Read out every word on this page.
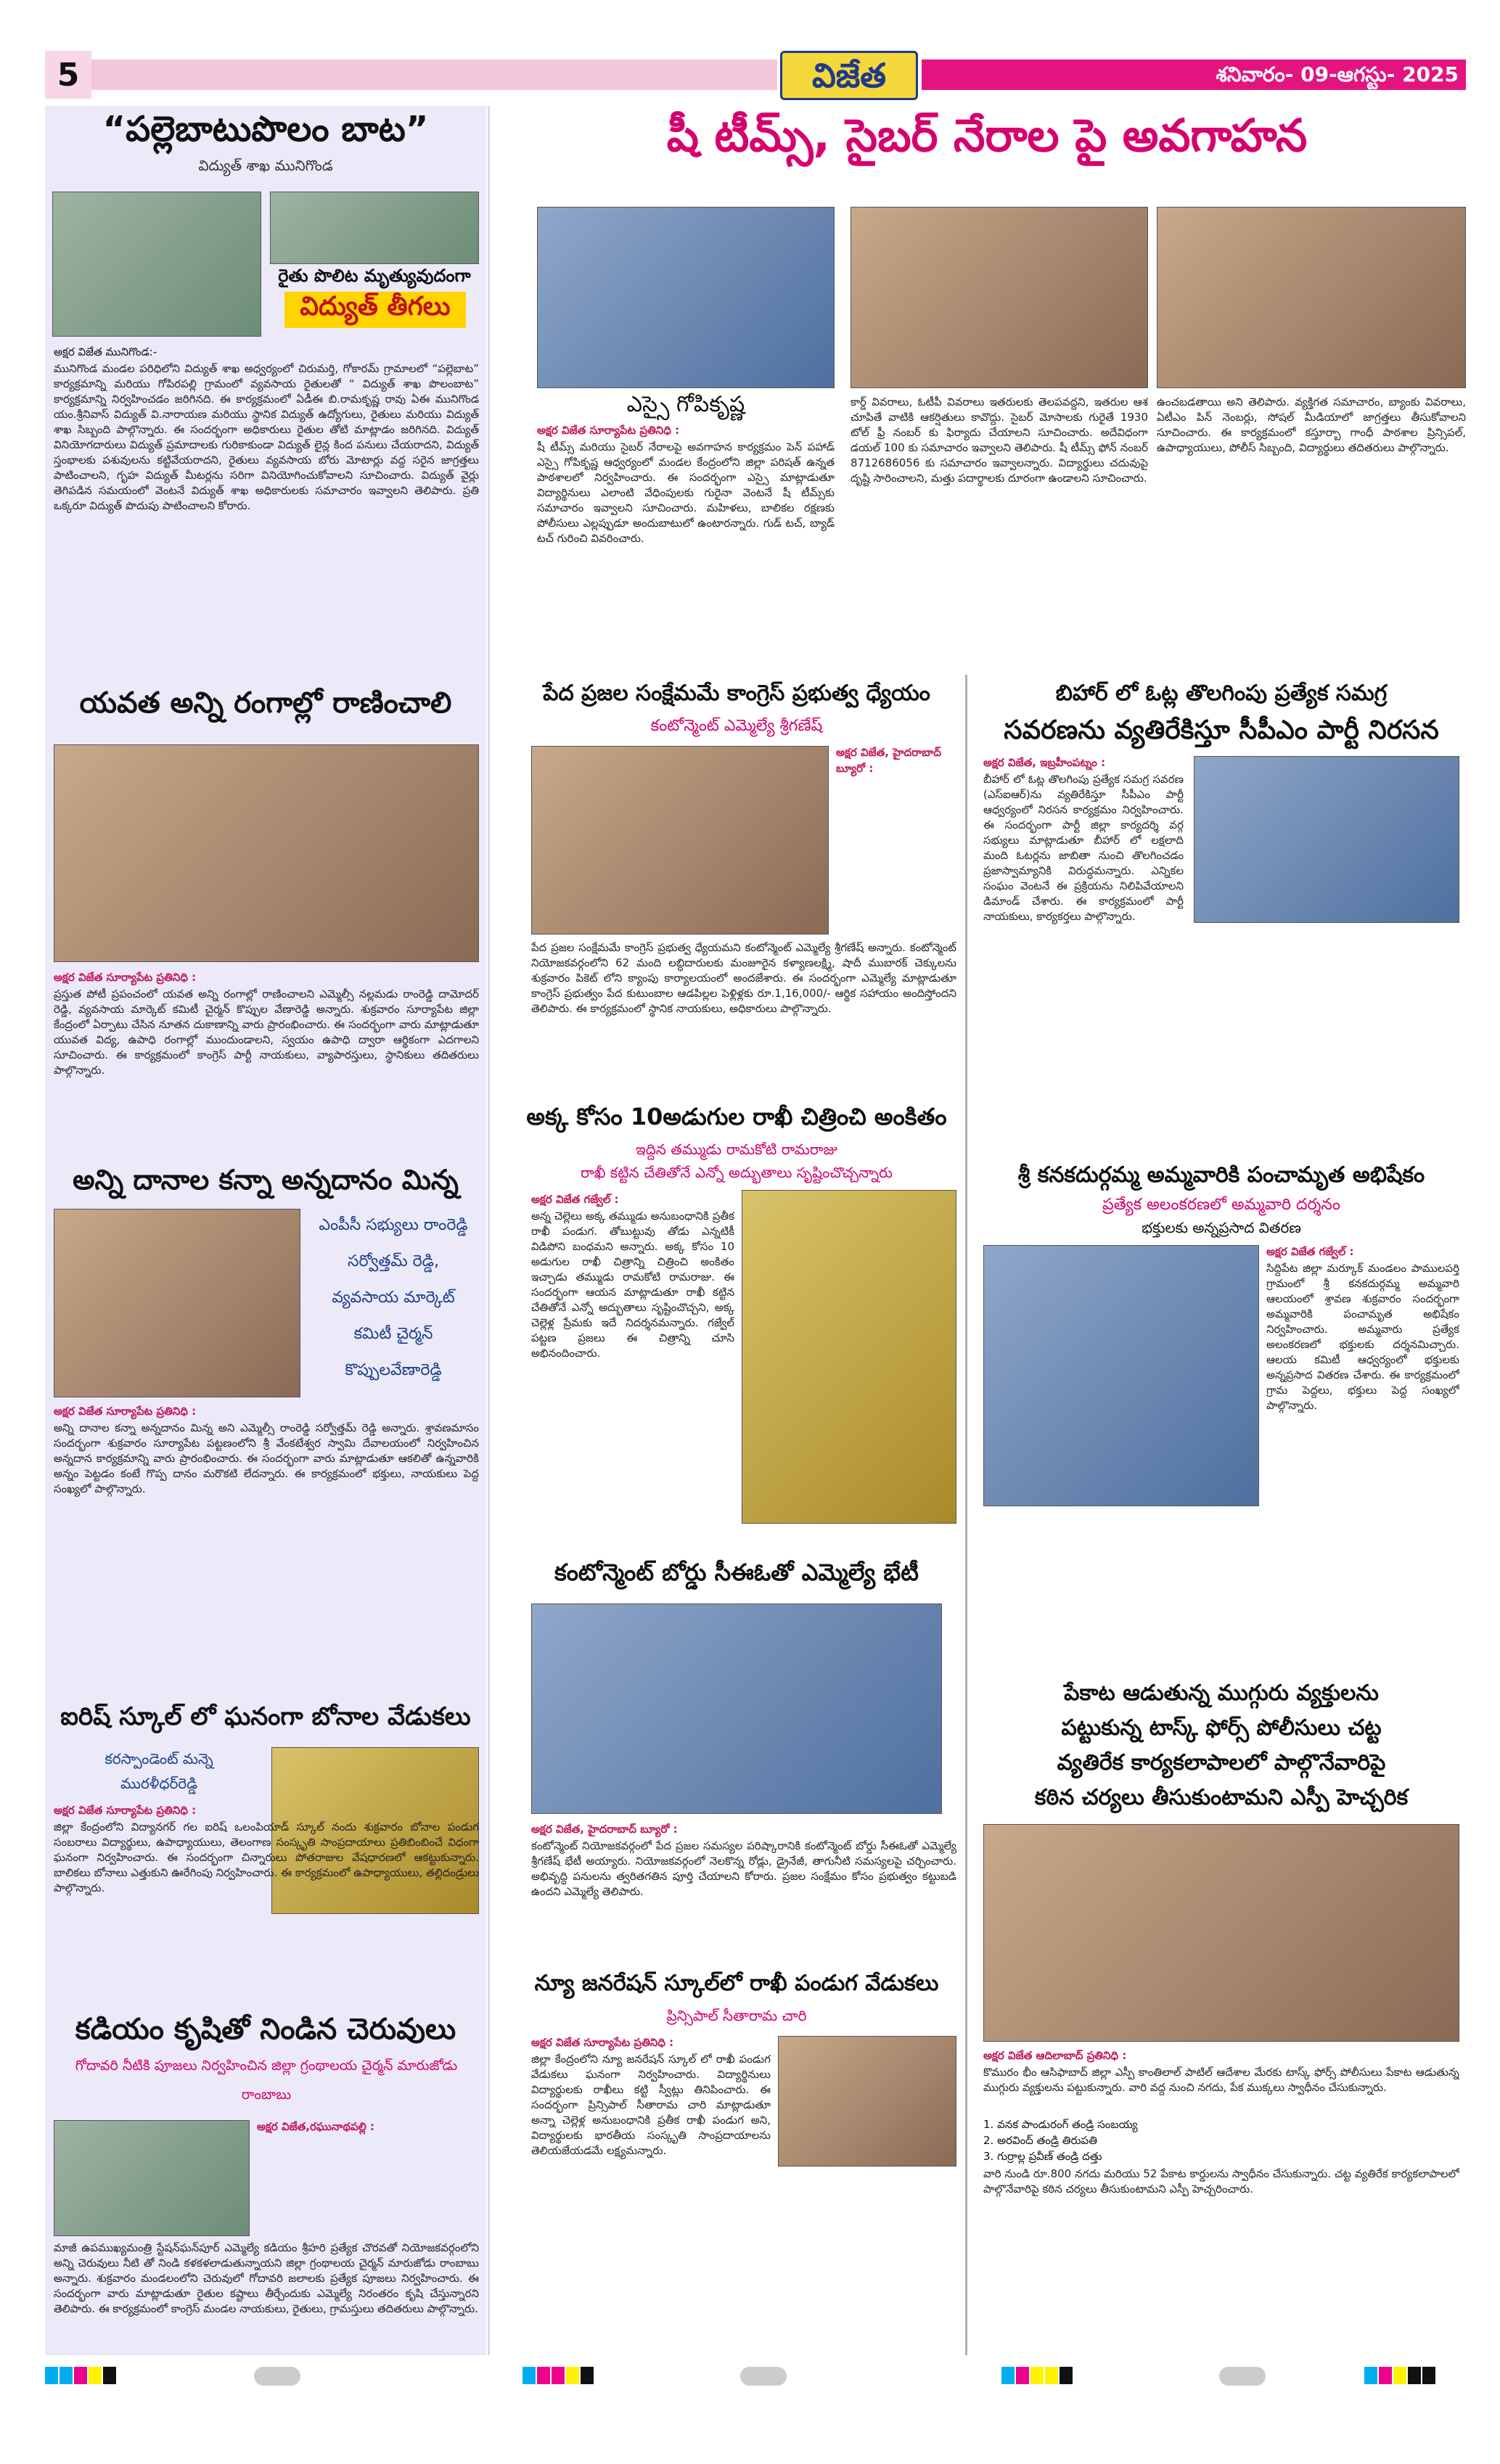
5	విజేత	శనివారం- 09-ఆగస్టు- 2025
“పల్లెబాటుపొలం బాట”
విద్యుత్ శాఖ మునిగొండ
రైతు పొలిట మృత్యువుదంగా
విద్యుత్ తీగలు
అక్షర విజేత మునిగొండ:-
మునిగొండ మండల పరిధిలోని విద్యుత్ శాఖ అధ్వర్యంలో చిరుమర్తి, గోకారమ్ గ్రామాలలో “పల్లెబాట” కార్యక్రమాన్ని మరియు గోపిరపల్లి గ్రామంలో వ్యవసాయ రైతులతో “ విద్యుత్ శాఖ పొలంబాట” కార్యక్రమాన్ని నిర్వహించడం జరిగినది. ఈ కార్యక్రమంలో ఏడీఈ బి.రామకృష్ణ రావు ఏఈ మునిగొండ యం.శ్రీనివాస్ విద్యుత్ వి.నారాయణ మరియు స్థానిక విద్యుత్ ఉద్యోగులు, రైతులు మరియు విద్యుత్ శాఖ సిబ్బంది పాల్గొన్నారు. ఈ సందర్భంగా అధికారులు రైతుల తోటి మాట్లాడం జరిగినది. విద్యుత్ వినియోగదారులు విద్యుత్ ప్రమాదాలకు గురికాకుండా విద్యుత్ లైన్ల కింద పనులు చేయరాదని, విద్యుత్ స్తంభాలకు పశువులను కట్టివేయరాదని, రైతులు వ్యవసాయ బోరు మోటార్లు వద్ద సరైన జాగ్రత్తలు పాటించాలని, గృహ విద్యుత్ మీటర్లను సరిగా వినియోగించుకోవాలని సూచించారు. విద్యుత్ వైర్లు తెగిపడిన సమయంలో వెంటనే విద్యుత్ శాఖ అధికారులకు సమాచారం ఇవ్వాలని తెలిపారు. ప్రతి ఒక్కరూ విద్యుత్ పొదుపు పాటించాలని కోరారు.
యవత అన్ని రంగాల్లో రాణించాలి
అక్షర విజేత సూర్యాపేట ప్రతినిధి :
ప్రస్తుత పోటీ ప్రపంచంలో యవత అన్ని రంగాల్లో రాణించాలని ఎమ్మెల్సీ నల్లమడు రాంరెడ్డి దామోదర్ రెడ్డి, వ్యవసాయ మార్కెట్ కమిటీ చైర్మన్ కొప్పుల వేణారెడ్డి అన్నారు. శుక్రవారం సూర్యాపేట జిల్లా కేంద్రంలో ఏర్పాటు చేసిన నూతన దుకాణాన్ని వారు ప్రారంభించారు. ఈ సందర్భంగా వారు మాట్లాడుతూ యువత విద్య, ఉపాధి రంగాల్లో ముందుండాలని, స్వయం ఉపాధి ద్వారా ఆర్థికంగా ఎదగాలని సూచించారు. ఈ కార్యక్రమంలో కాంగ్రెస్ పార్టీ నాయకులు, వ్యాపారస్తులు, స్థానికులు తదితరులు పాల్గొన్నారు.
అన్ని దానాల కన్నా అన్నదానం మిన్న
ఎంపీసీ సభ్యులు రాంరెడ్డి
సర్వోత్తమ్ రెడ్డి,
వ్యవసాయ మార్కెట్
కమిటీ చైర్మన్
కొప్పులవేణారెడ్డి
అక్షర విజేత సూర్యాపేట ప్రతినిధి :
అన్ని దానాల కన్నా అన్నదానం మిన్న అని ఎమ్మెల్సీ రాంరెడ్డి సర్వోత్తమ్ రెడ్డి అన్నారు. శ్రావణమాసం సందర్భంగా శుక్రవారం సూర్యాపేట పట్టణంలోని శ్రీ వేంకటేశ్వర స్వామి దేవాలయంలో నిర్వహించిన అన్నదాన కార్యక్రమాన్ని వారు ప్రారంభించారు. ఈ సందర్భంగా వారు మాట్లాడుతూ ఆకలితో ఉన్నవారికి అన్నం పెట్టడం కంటే గొప్ప దానం మరొకటి లేదన్నారు. ఈ కార్యక్రమంలో భక్తులు, నాయకులు పెద్ద సంఖ్యలో పాల్గొన్నారు.
ఐరిష్ స్కూల్ లో ఘనంగా బోనాల వేడుకలు
కరస్పాండెంట్ మన్నె
మురళీధర్‌రెడ్డి
అక్షర విజేత సూర్యాపేట ప్రతినిధి :
జిల్లా కేంద్రంలోని విద్యానగర్ గల ఐరిష్ ఒలంపియాడ్ స్కూల్ నందు శుక్రవారం బోనాల పండుగ సంబరాలు విద్యార్థులు, ఉపాధ్యాయులు, తెలంగాణ సంస్కృతి సాంప్రదాయాలు ప్రతిబింబించే విధంగా ఘనంగా నిర్వహించారు. ఈ సందర్భంగా చిన్నారులు పోతరాజుల వేషధారణలో ఆకట్టుకున్నారు. బాలికలు బోనాలు ఎత్తుకుని ఊరేగింపు నిర్వహించారు. ఈ కార్యక్రమంలో ఉపాధ్యాయులు, తల్లిదండ్రులు పాల్గొన్నారు.
కడియం కృషితో నిండిన చెరువులు
గోదావరి నీటికి పూజలు నిర్వహించిన జిల్లా గ్రంథాలయ చైర్మన్ మారుజోడు
రాంబాబు
అక్షర విజేత,రఘునాథపల్లి :
మాజీ ఉపముఖ్యమంత్రి స్టేషన్‌ఘన్‌పూర్ ఎమ్మెల్యే కడియం శ్రీహరి ప్రత్యేక చొరవతో నియోజకవర్గంలోని అన్ని చెరువులు నీటి తో నిండి కళకళలాడుతున్నాయని జిల్లా గ్రంథాలయ చైర్మన్ మారుజోడు రాంబాబు అన్నారు. శుక్రవారం మండలంలోని చెరువులో గోదావరి జలాలకు ప్రత్యేక పూజలు నిర్వహించారు. ఈ సందర్భంగా వారు మాట్లాడుతూ రైతుల కష్టాలు తీర్చేందుకు ఎమ్మెల్యే నిరంతరం కృషి చేస్తున్నారని తెలిపారు. ఈ కార్యక్రమంలో కాంగ్రెస్ మండల నాయకులు, రైతులు, గ్రామస్తులు తదితరులు పాల్గొన్నారు.
షీ టీమ్స్, సైబర్ నేరాల పై అవగాహన
ఎస్సై గోపికృష్ణ
అక్షర విజేత సూర్యాపేట ప్రతినిధి :
షీ టీమ్స్ మరియు సైబర్ నేరాలపై అవగాహన కార్యక్రమం పెన్ పహాడ్ ఎస్సై గోపికృష్ణ ఆధ్వర్యంలో మండల కేంద్రంలోని జిల్లా పరిషత్ ఉన్నత పాఠశాలలో నిర్వహించారు. ఈ సందర్భంగా ఎస్సై మాట్లాడుతూ విద్యార్థినులు ఎలాంటి వేధింపులకు గురైనా వెంటనే షీ టీమ్స్‌కు సమాచారం ఇవ్వాలని సూచించారు. మహిళలు, బాలికల రక్షణకు పోలీసులు ఎల్లప్పుడూ అందుబాటులో ఉంటారన్నారు. గుడ్ టచ్, బ్యాడ్ టచ్ గురించి వివరించారు.
కార్డ్ వివరాలు, ఓటీపీ వివరాలు ఇతరులకు తెలపవద్దని, ఇతరుల ఆశ చూపితే వాటికి ఆకర్షితులు కావొద్దు. సైబర్ మోసాలకు గురైతే 1930 టోల్ ఫ్రీ నంబర్ కు ఫిర్యాదు చేయాలని సూచించారు. అదేవిధంగా డయల్ 100 కు సమాచారం ఇవ్వాలని తెలిపారు. షీ టీమ్స్ ఫోన్ నంబర్ 8712686056 కు సమాచారం ఇవ్వాలన్నారు. విద్యార్థులు చదువుపై దృష్టి సారించాలని, మత్తు పదార్థాలకు దూరంగా ఉండాలని సూచించారు.
ఉంచబడతాయి అని తెలిపారు. వ్యక్తిగత సమాచారం, బ్యాంకు వివరాలు, ఏటీఎం పిన్ నెంబర్లు, సోషల్ మీడియాలో జాగ్రత్తలు తీసుకోవాలని సూచించారు. ఈ కార్యక్రమంలో కస్తూర్బా గాంధీ పాఠశాల ప్రిన్సిపల్, ఉపాధ్యాయులు, పోలీస్ సిబ్బంది, విద్యార్థులు తదితరులు పాల్గొన్నారు.
పేద ప్రజల సంక్షేమమే కాంగ్రెస్ ప్రభుత్వ ధ్యేయం
కంటోన్మెంట్ ఎమ్మెల్యే శ్రీగణేష్
అక్షర విజేత, హైదరాబాద్ బ్యూరో :
పేద ప్రజల సంక్షేమమే కాంగ్రెస్ ప్రభుత్వ ధ్యేయమని కంటోన్మెంట్ ఎమ్మెల్యే శ్రీగణేష్ అన్నారు. కంటోన్మెంట్ నియోజకవర్గంలోని 62 మంది లబ్ధిదారులకు మంజూరైన కళ్యాణలక్ష్మి, షాదీ ముబారక్ చెక్కులను శుక్రవారం పికెట్ లోని క్యాంపు కార్యాలయంలో అందజేశారు. ఈ సందర్భంగా ఎమ్మెల్యే మాట్లాడుతూ కాంగ్రెస్ ప్రభుత్వం పేద కుటుంబాల ఆడపిల్లల పెళ్లిళ్లకు రూ.1,16,000/- ఆర్థిక సహాయం అందిస్తోందని తెలిపారు. ఈ కార్యక్రమంలో స్థానిక నాయకులు, అధికారులు పాల్గొన్నారు.
అక్క కోసం 10అడుగుల రాఖీ చిత్రించి అంకితం
ఇద్దిన తమ్ముడు రామకోటి రామరాజు
రాఖీ కట్టిన చేతితోనే ఎన్నో అద్భుతాలు సృష్టించొచ్చన్నారు
అక్షర విజేత గజ్వేల్ :
అన్న చెల్లెలు అక్క తమ్ముడు అనుబంధానికి ప్రతీక రాఖీ పండుగ. తోబుట్టువు తోడు ఎన్నటికీ విడిపోని బంధమని అన్నారు. అక్క కోసం 10 అడుగుల రాఖీ చిత్రాన్ని చిత్రించి అంకితం ఇచ్చాడు తమ్ముడు రామకోటి రామరాజు. ఈ సందర్భంగా ఆయన మాట్లాడుతూ రాఖీ కట్టిన చేతితోనే ఎన్నో అద్భుతాలు సృష్టించొచ్చని, అక్క చెల్లెళ్ల ప్రేమకు ఇదే నిదర్శనమన్నారు. గజ్వేల్ పట్టణ ప్రజలు ఈ చిత్రాన్ని చూసి అభినందించారు.
కంటోన్మెంట్ బోర్డు సీఈఓతో ఎమ్మెల్యే భేటీ
అక్షర విజేత, హైదరాబాద్ బ్యూరో :
కంటోన్మెంట్ నియోజకవర్గంలో పేద ప్రజల సమస్యల పరిష్కారానికి కంటోన్మెంట్ బోర్డు సీఈఓతో ఎమ్మెల్యే శ్రీగణేష్ భేటీ అయ్యారు. నియోజకవర్గంలో నెలకొన్న రోడ్లు, డ్రైనేజీ, తాగునీటి సమస్యలపై చర్చించారు. అభివృద్ధి పనులను త్వరితగతిన పూర్తి చేయాలని కోరారు. ప్రజల సంక్షేమం కోసం ప్రభుత్వం కట్టుబడి ఉందని ఎమ్మెల్యే తెలిపారు.
న్యూ జనరేషన్ స్కూల్‌లో రాఖీ పండుగ వేడుకలు
ప్రిన్సిపాల్ సీతారామ చారి
అక్షర విజేత సూర్యాపేట ప్రతినిధి :
జిల్లా కేంద్రంలోని న్యూ జనరేషన్ స్కూల్ లో రాఖీ పండుగ వేడుకలు ఘనంగా నిర్వహించారు. విద్యార్థినులు విద్యార్థులకు రాఖీలు కట్టి స్వీట్లు తినిపించారు. ఈ సందర్భంగా ప్రిన్సిపాల్ సీతారామ చారి మాట్లాడుతూ అన్నా చెల్లెళ్ల అనుబంధానికి ప్రతీక రాఖీ పండుగ అని, విద్యార్థులకు భారతీయ సంస్కృతి సాంప్రదాయాలను తెలియజేయడమే లక్ష్యమన్నారు.
బిహార్ లో ఓట్ల తొలగింపు ప్రత్యేక సమగ్ర
సవరణను వ్యతిరేకిస్తూ సీపీఎం పార్టీ నిరసన
అక్షర విజేత, ఇబ్రహీంపట్నం :
బీహార్ లో ఓట్ల తొలగింపు ప్రత్యేక సమగ్ర సవరణ (ఎస్ఐఆర్)ను వ్యతిరేకిస్తూ సీపీఎం పార్టీ ఆధ్వర్యంలో నిరసన కార్యక్రమం నిర్వహించారు. ఈ సందర్భంగా పార్టీ జిల్లా కార్యదర్శి వర్గ సభ్యులు మాట్లాడుతూ బీహార్ లో లక్షలాది మంది ఓటర్లను జాబితా నుంచి తొలగించడం ప్రజాస్వామ్యానికి విరుద్ధమన్నారు. ఎన్నికల సంఘం వెంటనే ఈ ప్రక్రియను నిలిపివేయాలని డిమాండ్ చేశారు. ఈ కార్యక్రమంలో పార్టీ నాయకులు, కార్యకర్తలు పాల్గొన్నారు.
శ్రీ కనకదుర్గమ్మ అమ్మవారికి పంచామృత అభిషేకం
ప్రత్యేక అలంకరణలో అమ్మవారి దర్శనం
భక్తులకు అన్నప్రసాద వితరణ
అక్షర విజేత గజ్వేల్ :
సిద్దిపేట జిల్లా మర్కూక్ మండలం పాములపర్తి గ్రామంలో శ్రీ కనకదుర్గమ్మ అమ్మవారి ఆలయంలో శ్రావణ శుక్రవారం సందర్భంగా అమ్మవారికి పంచామృత అభిషేకం నిర్వహించారు. అమ్మవారు ప్రత్యేక అలంకరణలో భక్తులకు దర్శనమిచ్చారు. ఆలయ కమిటీ ఆధ్వర్యంలో భక్తులకు అన్నప్రసాద వితరణ చేశారు. ఈ కార్యక్రమంలో గ్రామ పెద్దలు, భక్తులు పెద్ద సంఖ్యలో పాల్గొన్నారు.
పేకాట ఆడుతున్న ముగ్గురు వ్యక్తులను
పట్టుకున్న టాస్క్ ఫోర్స్ పోలీసులు చట్ట
వ్యతిరేక కార్యకలాపాలలో పాల్గొనేవారిపై
కఠిన చర్యలు తీసుకుంటామని ఎస్పీ హెచ్చరిక
అక్షర విజేత ఆదిలాబాద్ ప్రతినిధి :
కొమురం భీం ఆసిఫాబాద్ జిల్లా ఎస్పీ కాంతిలాల్ పాటిల్ ఆదేశాల మేరకు టాస్క్ ఫోర్స్ పోలీసులు పేకాట ఆడుతున్న ముగ్గురు వ్యక్తులను పట్టుకున్నారు. వారి వద్ద నుంచి నగదు, పేక ముక్కలు స్వాధీనం చేసుకున్నారు.
1. వనక పాండురంగ్ తండ్రి సంబయ్య
2. అరవింద్ తండ్రి తిరుపతి
3. గుర్రాల్ల ప్రవీణ్ తండ్రి దత్తు
వారి నుండి రూ.800 నగదు మరియు 52 పేకాట కార్డులను స్వాధీనం చేసుకున్నారు. చట్ట వ్యతిరేక కార్యకలాపాలలో పాల్గొనేవారిపై కఠిన చర్యలు తీసుకుంటామని ఎస్పీ హెచ్చరించారు.
